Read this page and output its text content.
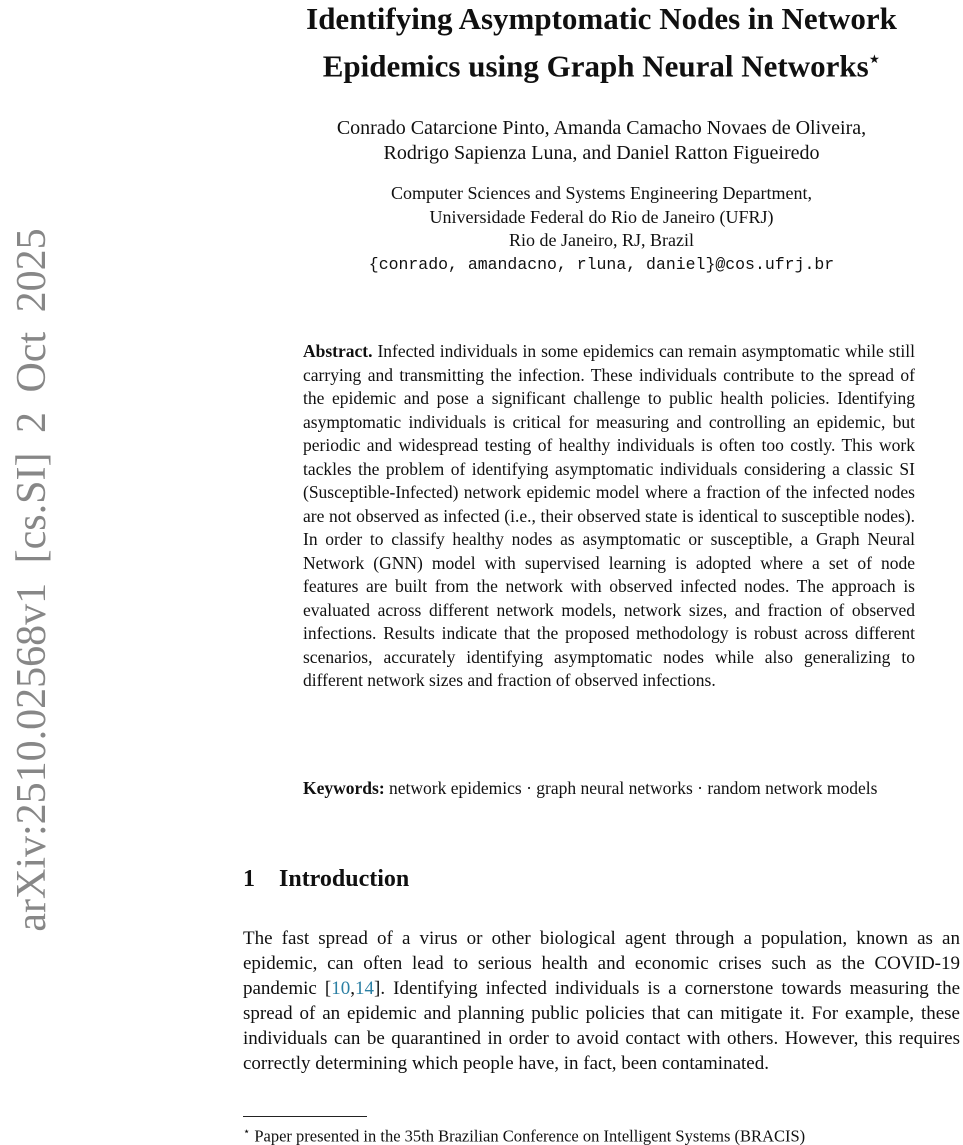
arXiv:2510.02568v1 [cs.SI] 2 Oct 2025
Identifying Asymptomatic Nodes in Network
Epidemics using Graph Neural Networks⋆
Conrado Catarcione Pinto, Amanda Camacho Novaes de Oliveira,
Rodrigo Sapienza Luna, and Daniel Ratton Figueiredo
Computer Sciences and Systems Engineering Department,
Universidade Federal do Rio de Janeiro (UFRJ)
Rio de Janeiro, RJ, Brazil
{conrado, amandacno, rluna, daniel}@cos.ufrj.br
Abstract. Infected individuals in some epidemics can remain asymptomatic while still carrying and transmitting the infection. These individuals contribute to the spread of the epidemic and pose a significant challenge to public health policies. Identifying asymptomatic individuals is critical for measuring and controlling an epidemic, but periodic and widespread testing of healthy individuals is often too costly. This work tackles the problem of identifying asymptomatic individuals considering a classic SI (Susceptible-Infected) network epidemic model where a fraction of the infected nodes are not observed as infected (i.e., their observed state is identical to susceptible nodes). In order to classify healthy nodes as asymptomatic or susceptible, a Graph Neural Network (GNN) model with supervised learning is adopted where a set of node features are built from the network with observed infected nodes. The approach is evaluated across different network models, network sizes, and fraction of observed infections. Results indicate that the proposed methodology is robust across different scenarios, accurately identifying asymptomatic nodes while also generalizing to different network sizes and fraction of observed infections.
Keywords: network epidemics · graph neural networks · random network models
1 Introduction
The fast spread of a virus or other biological agent through a population, known as an epidemic, can often lead to serious health and economic crises such as the COVID-19 pandemic [10,14]. Identifying infected individuals is a cornerstone towards measuring the spread of an epidemic and planning public policies that can mitigate it. For example, these individuals can be quarantined in order to avoid contact with others. However, this requires correctly determining which people have, in fact, been contaminated.
⋆ Paper presented in the 35th Brazilian Conference on Intelligent Systems (BRACIS)
